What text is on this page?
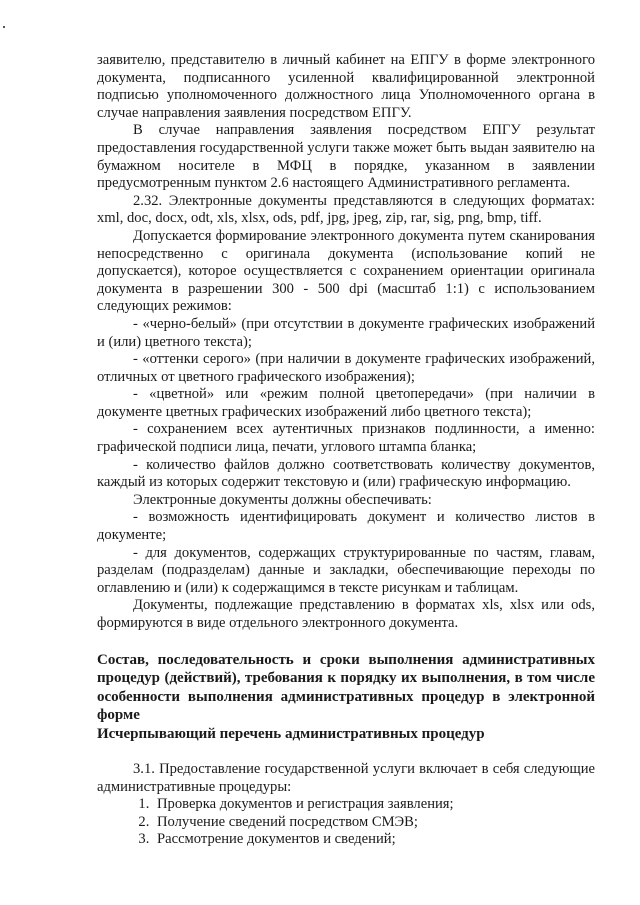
заявителю, представителю в личный кабинет на ЕПГУ в форме электронного документа, подписанного усиленной квалифицированной электронной подписью уполномоченного должностного лица Уполномоченного органа в случае направления заявления посредством ЕПГУ.

В случае направления заявления посредством ЕПГУ результат предоставления государственной услуги также может быть выдан заявителю на бумажном носителе в МФЦ в порядке, указанном в заявлении предусмотренным пунктом 2.6 настоящего Административного регламента.

2.32. Электронные документы представляются в следующих форматах: xml, doc, docx, odt, xls, xlsx, ods, pdf, jpg, jpeg, zip, rar, sig, png, bmp, tiff.

Допускается формирование электронного документа путем сканирования непосредственно с оригинала документа (использование копий не допускается), которое осуществляется с сохранением ориентации оригинала документа в разрешении 300 - 500 dpi (масштаб 1:1) с использованием следующих режимов:

- «черно-белый» (при отсутствии в документе графических изображений и (или) цветного текста);

- «оттенки серого» (при наличии в документе графических изображений, отличных от цветного графического изображения);

- «цветной» или «режим полной цветопередачи» (при наличии в документе цветных графических изображений либо цветного текста);

- сохранением всех аутентичных признаков подлинности, а именно: графической подписи лица, печати, углового штампа бланка;

- количество файлов должно соответствовать количеству документов, каждый из которых содержит текстовую и (или) графическую информацию.

Электронные документы должны обеспечивать:

- возможность идентифицировать документ и количество листов в документе;

- для документов, содержащих структурированные по частям, главам, разделам (подразделам) данные и закладки, обеспечивающие переходы по оглавлению и (или) к содержащимся в тексте рисункам и таблицам.

Документы, подлежащие представлению в форматах xls, xlsx или ods, формируются в виде отдельного электронного документа.

Состав, последовательность и сроки выполнения административных процедур (действий), требования к порядку их выполнения, в том числе особенности выполнения административных процедур в электронной форме

Исчерпывающий перечень административных процедур

3.1. Предоставление государственной услуги включает в себя следующие административные процедуры:

1. Проверка документов и регистрация заявления;
2. Получение сведений посредством СМЭВ;
3. Рассмотрение документов и сведений;
